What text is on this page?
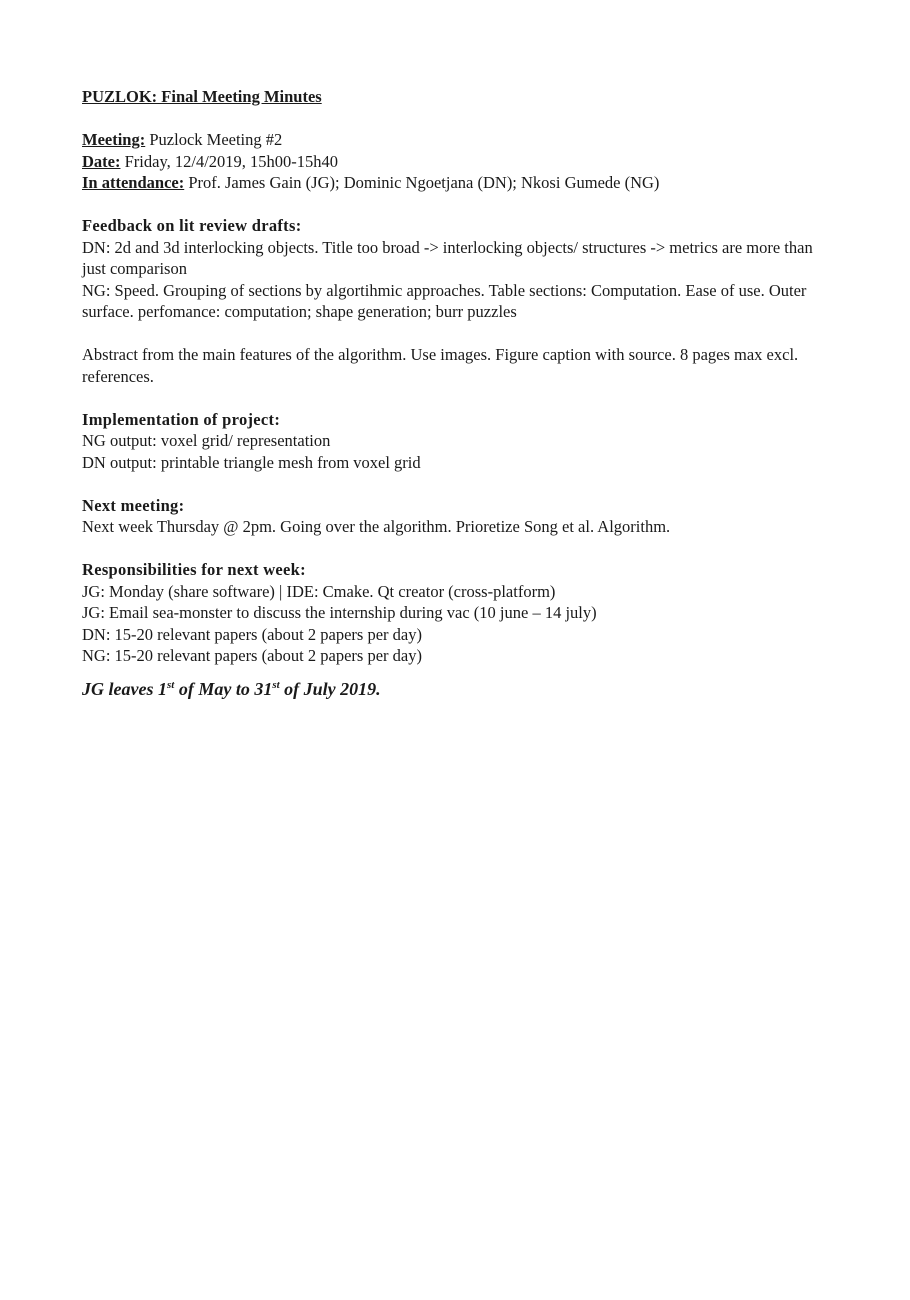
PUZLOK: Final Meeting Minutes

Meeting: Puzlock Meeting #2

Date: Friday, 12/4/2019, 15h00-15h40

In attendance: Prof. James Gain (JG); Dominic Ngoetjana (DN); Nkosi Gumede (NG)

Feedback on lit review drafts:

DN: 2d and 3d interlocking objects. Title too broad -> interlocking objects/ structures -> metrics are more than just comparison

NG: Speed. Grouping of sections by algortihmic approaches. Table sections: Computation. Ease of use. Outer surface. perfomance: computation; shape generation; burr puzzles

Abstract from the main features of the algorithm. Use images. Figure caption with source. 8 pages max excl. references.

Implementation of project:

NG output: voxel grid/ representation

DN output: printable triangle mesh from voxel grid

Next meeting:

Next week Thursday @ 2pm. Going over the algorithm. Prioretize Song et al. Algorithm.

Responsibilities for next week:

JG: Monday (share software) | IDE: Cmake. Qt creator (cross-platform)

JG: Email sea-monster to discuss the internship during vac (10 june – 14 july)

DN: 15-20 relevant papers (about 2 papers per day)

NG: 15-20 relevant papers (about 2 papers per day)

JG leaves 1st of May to 31st of July 2019.
